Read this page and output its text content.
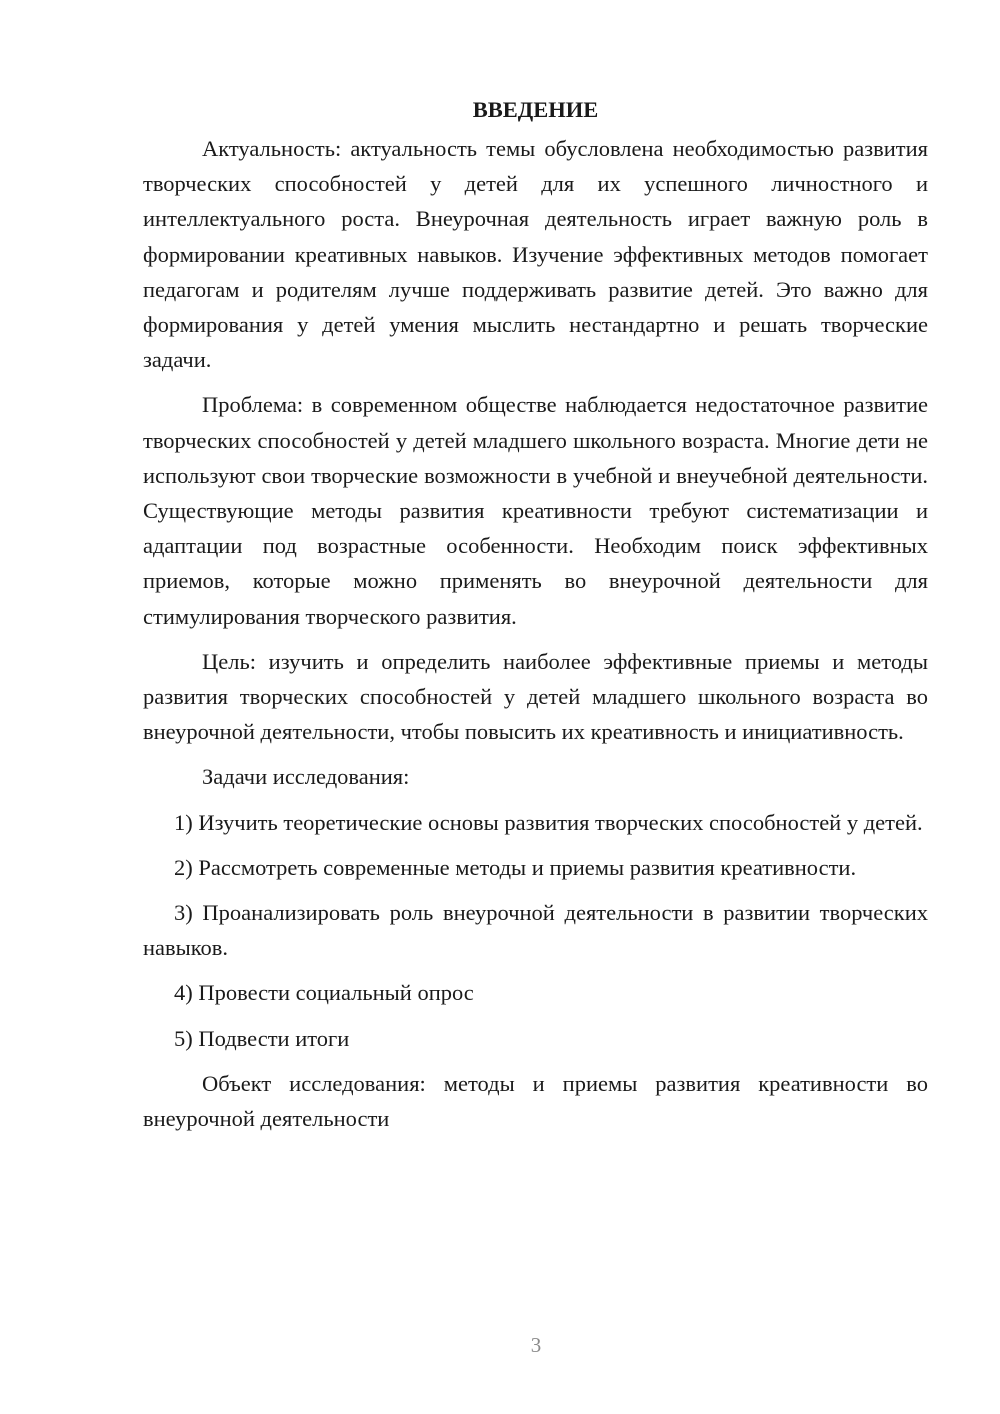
ВВЕДЕНИЕ

Актуальность: актуальность темы обусловлена необходимостью развития творческих способностей у детей для их успешного личностного и интеллектуального роста. Внеурочная деятельность играет важную роль в формировании креативных навыков. Изучение эффективных методов помогает педагогам и родителям лучше поддерживать развитие детей. Это важно для формирования у детей умения мыслить нестандартно и решать творческие задачи.

Проблема: в современном обществе наблюдается недостаточное развитие творческих способностей у детей младшего школьного возраста. Многие дети не используют свои творческие возможности в учебной и внеучебной деятельности. Существующие методы развития креативности требуют систематизации и адаптации под возрастные особенности. Необходим поиск эффективных приемов, которые можно применять во внеурочной деятельности для стимулирования творческого развития.

Цель: изучить и определить наиболее эффективные приемы и методы развития творческих способностей у детей младшего школьного возраста во внеурочной деятельности, чтобы повысить их креативность и инициативность.

Задачи исследования:

1) Изучить теоретические основы развития творческих способностей у детей.

2) Рассмотреть современные методы и приемы развития креативности.

3) Проанализировать роль внеурочной деятельности в развитии творческих навыков.

4) Провести социальный опрос

5) Подвести итоги

Объект исследования: методы и приемы развития креативности во внеурочной деятельности

3
